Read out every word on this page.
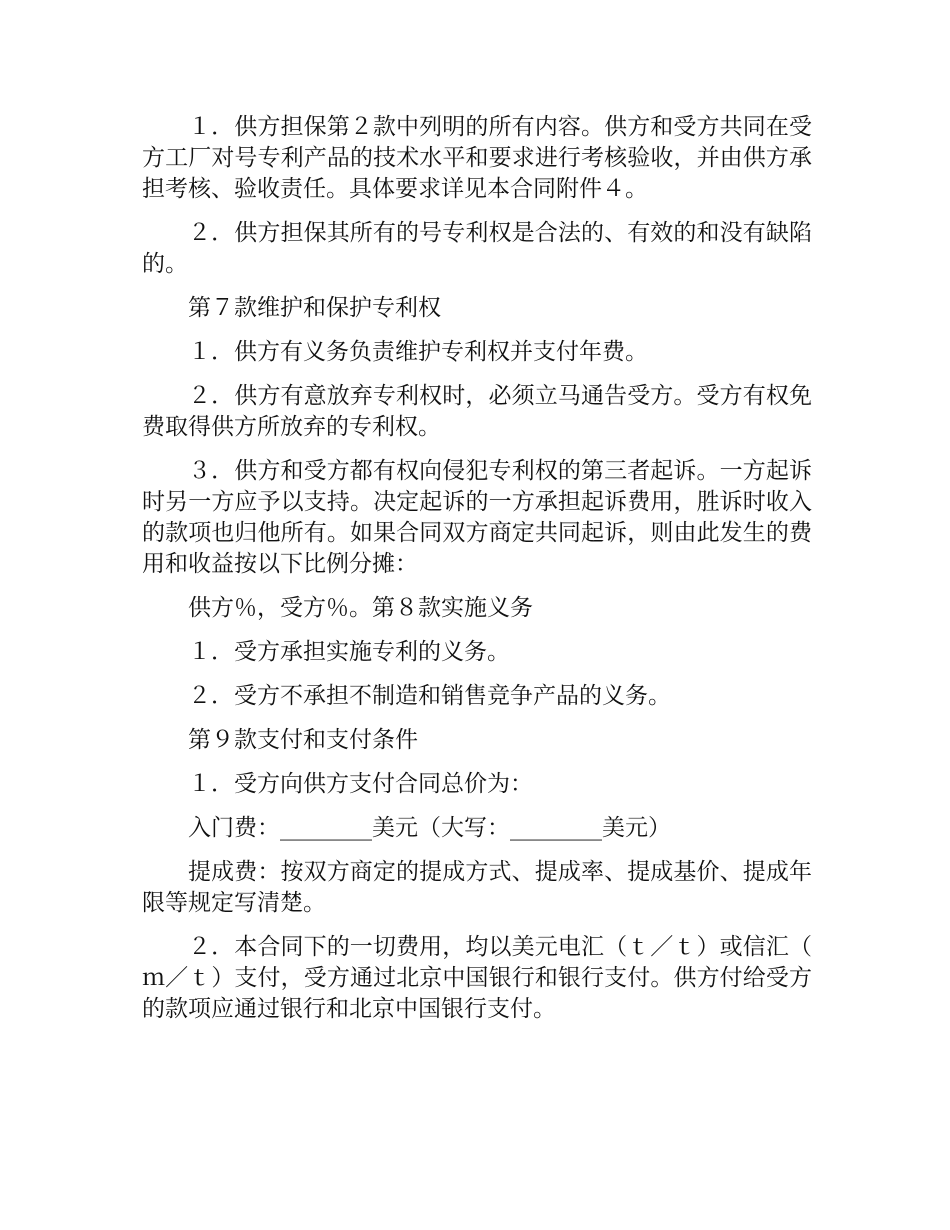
１．供方担保第２款中列明的所有内容。供方和受方共同在受方工厂对号专利产品的技术水平和要求进行考核验收，并由供方承担考核、验收责任。具体要求详见本合同附件４。

２．供方担保其所有的号专利权是合法的、有效的和没有缺陷的。

第７款维护和保护专利权

１．供方有义务负责维护专利权并支付年费。

２．供方有意放弃专利权时，必须立马通告受方。受方有权免费取得供方所放弃的专利权。

３．供方和受方都有权向侵犯专利权的第三者起诉。一方起诉时另一方应予以支持。决定起诉的一方承担起诉费用，胜诉时收入的款项也归他所有。如果合同双方商定共同起诉，则由此发生的费用和收益按以下比例分摊：

供方％，受方％。第８款实施义务

１．受方承担实施专利的义务。

２．受方不承担不制造和销售竞争产品的义务。

第９款支付和支付条件

１．受方向供方支付合同总价为：

入门费：________美元（大写：________美元）

提成费：按双方商定的提成方式、提成率、提成基价、提成年限等规定写清楚。

２．本合同下的一切费用，均以美元电汇（ｔ／ｔ）或信汇（ｍ／ｔ）支付，受方通过北京中国银行和银行支付。供方付给受方的款项应通过银行和北京中国银行支付。
